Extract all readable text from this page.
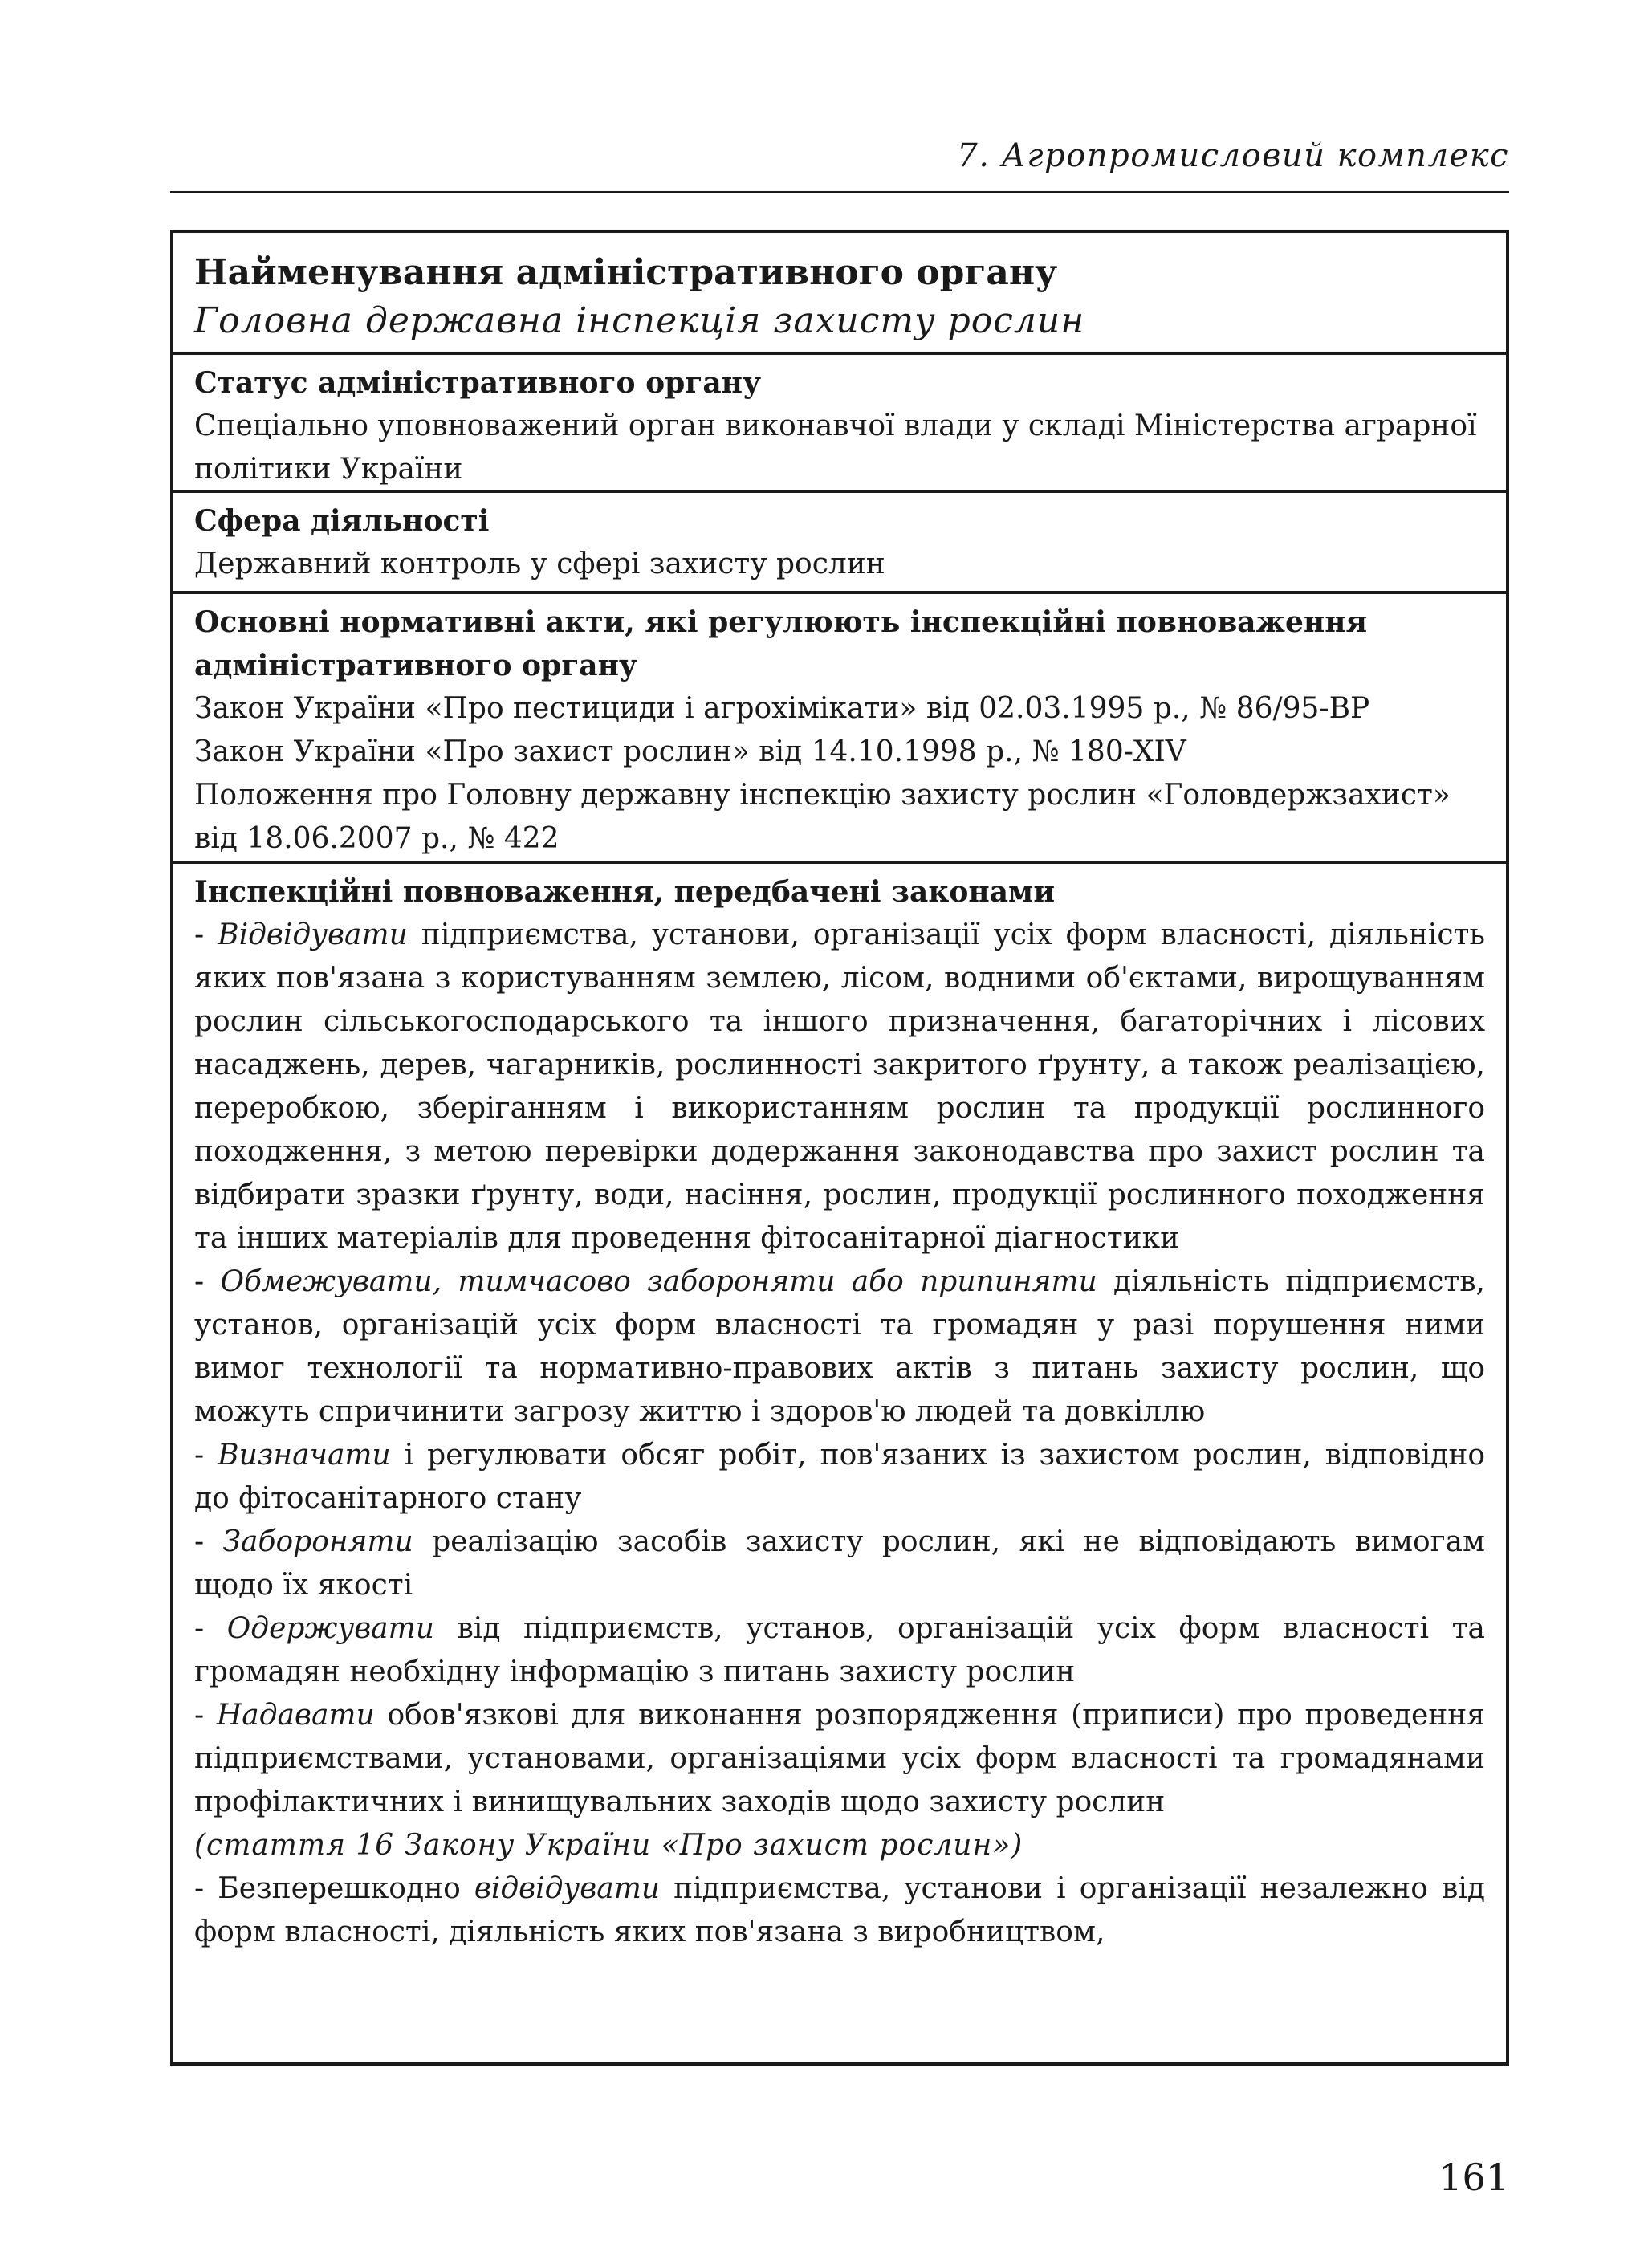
7. Агропромисловий комплекс
Найменування адміністративного органу
Головна державна інспекція захисту рослин
Статус адміністративного органу
Спеціально уповноважений орган виконавчої влади у складі Міністерства аграрної політики України
Сфера діяльності
Державний контроль у сфері захисту рослин
Основні нормативні акти, які регулюють інспекційні повноваження адміністративного органу
Закон України «Про пестициди і агрохімікати» від 02.03.1995 р., № 86/95-ВР
Закон України «Про захист рослин» від 14.10.1998 р., № 180-XIV
Положення про Головну державну інспекцію захисту рослин «Головдержзахист» від 18.06.2007 р., № 422
Інспекційні повноваження, передбачені законами
- Відвідувати підприємства, установи, організації усіх форм власності, діяльність яких пов'язана з користуванням землею, лісом, водними об'єктами, вирощуванням рослин сільськогосподарського та іншого призначення, багаторічних і лісових насаджень, дерев, чагарників, рослинності закритого ґрунту, а також реалізацією, переробкою, зберіганням і використанням рослин та продукції рослинного походження, з метою перевірки додержання законодавства про захист рослин та відбирати зразки ґрунту, води, насіння, рослин, продукції рослинного походження та інших матеріалів для проведення фітосанітарної діагностики
- Обмежувати, тимчасово забороняти або припиняти діяльність підприємств, установ, організацій усіх форм власності та громадян у разі порушення ними вимог технології та нормативно-правових актів з питань захисту рослин, що можуть спричинити загрозу життю і здоров'ю людей та довкіллю
- Визначати і регулювати обсяг робіт, пов'язаних із захистом рослин, відповідно до фітосанітарного стану
- Забороняти реалізацію засобів захисту рослин, які не відповідають вимогам щодо їх якості
- Одержувати від підприємств, установ, організацій усіх форм власності та громадян необхідну інформацію з питань захисту рослин
- Надавати обов'язкові для виконання розпорядження (приписи) про проведення підприємствами, установами, організаціями усіх форм власності та громадянами профілактичних і винищувальних заходів щодо захисту рослин
(стаття 16 Закону України «Про захист рослин»)
- Безперешкодно відвідувати підприємства, установи і організації незалежно від форм власності, діяльність яких пов'язана з виробництвом,
161
